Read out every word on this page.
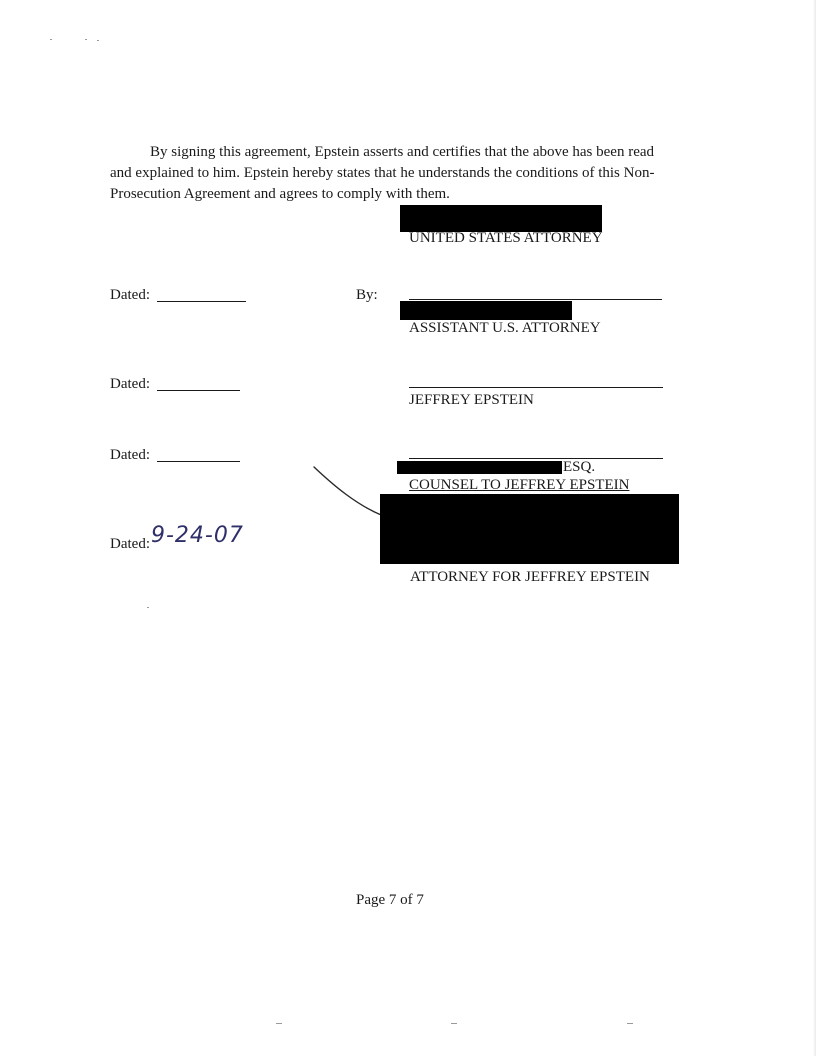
By signing this agreement, Epstein asserts and certifies that the above has been read
and explained to him. Epstein hereby states that he understands the conditions of this Non-
Prosecution Agreement and agrees to comply with them.
UNITED STATES ATTORNEY
Dated:	By:
ASSISTANT U.S. ATTORNEY
Dated:
JEFFREY EPSTEIN
Dated:
ESQ.
COUNSEL TO JEFFREY EPSTEIN
Dated: 9-24-07
ATTORNEY FOR JEFFREY EPSTEIN
Page 7 of 7
